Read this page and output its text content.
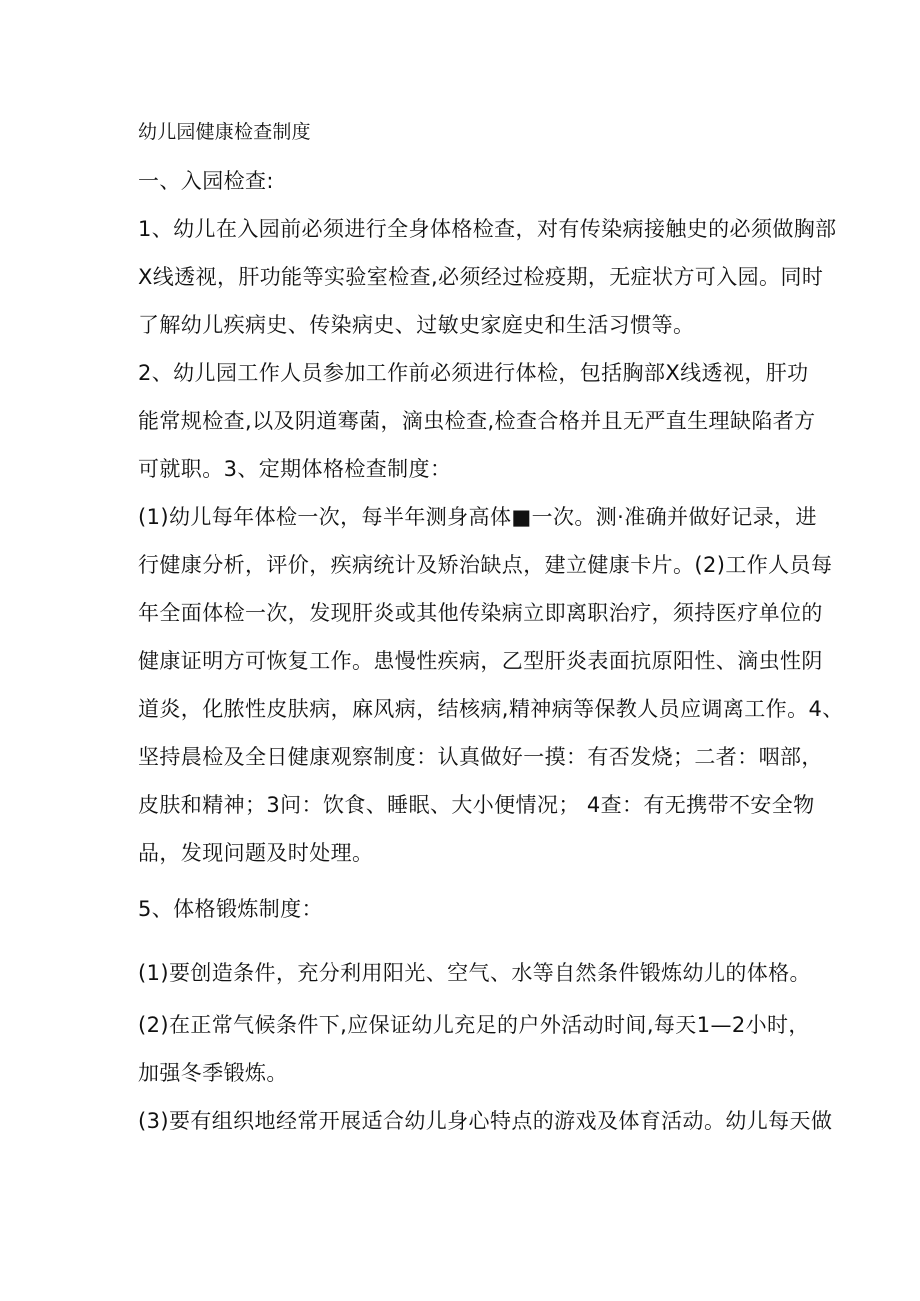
幼儿园健康检查制度
一、入园检查:
1、幼儿在入园前必须进行全身体格检查，对有传染病接触史的必须做胸部
X线透视，肝功能等实验室检查,必须经过检疫期，无症状方可入园。同时
了解幼儿疾病史、传染病史、过敏史家庭史和生活习惯等。
2、幼儿园工作人员参加工作前必须进行体检，包括胸部X线透视，肝功
能常规检查,以及阴道骞菌，滴虫检查,检查合格并且无严直生理缺陷者方
可就职。3、定期体格检查制度：
(1)幼儿每年体检一次，每半年测身高体■一次。测·准确并做好记录，进
行健康分析，评价，疾病统计及矫治缺点，建立健康卡片。(2)工作人员每
年全面体检一次，发现肝炎或其他传染病立即离职治疗，须持医疗单位的
健康证明方可恢复工作。患慢性疾病，乙型肝炎表面抗原阳性、滴虫性阴
道炎，化脓性皮肤病，麻风病，结核病,精神病等保教人员应调离工作。4、
坚持晨检及全日健康观察制度：认真做好一摸：有否发烧；二者：咽部，
皮肤和精神；3问：饮食、睡眠、大小便情况； 4查：有无携带不安全物
品，发现问题及时处理。
5、体格锻炼制度：
(1)要创造条件，充分利用阳光、空气、水等自然条件锻炼幼儿的体格。
(2)在正常气候条件下,应保证幼儿充足的户外活动时间,每天1—2小时，
加强冬季锻炼。
(3)要有组织地经常开展适合幼儿身心特点的游戏及体育活动。幼儿每天做
